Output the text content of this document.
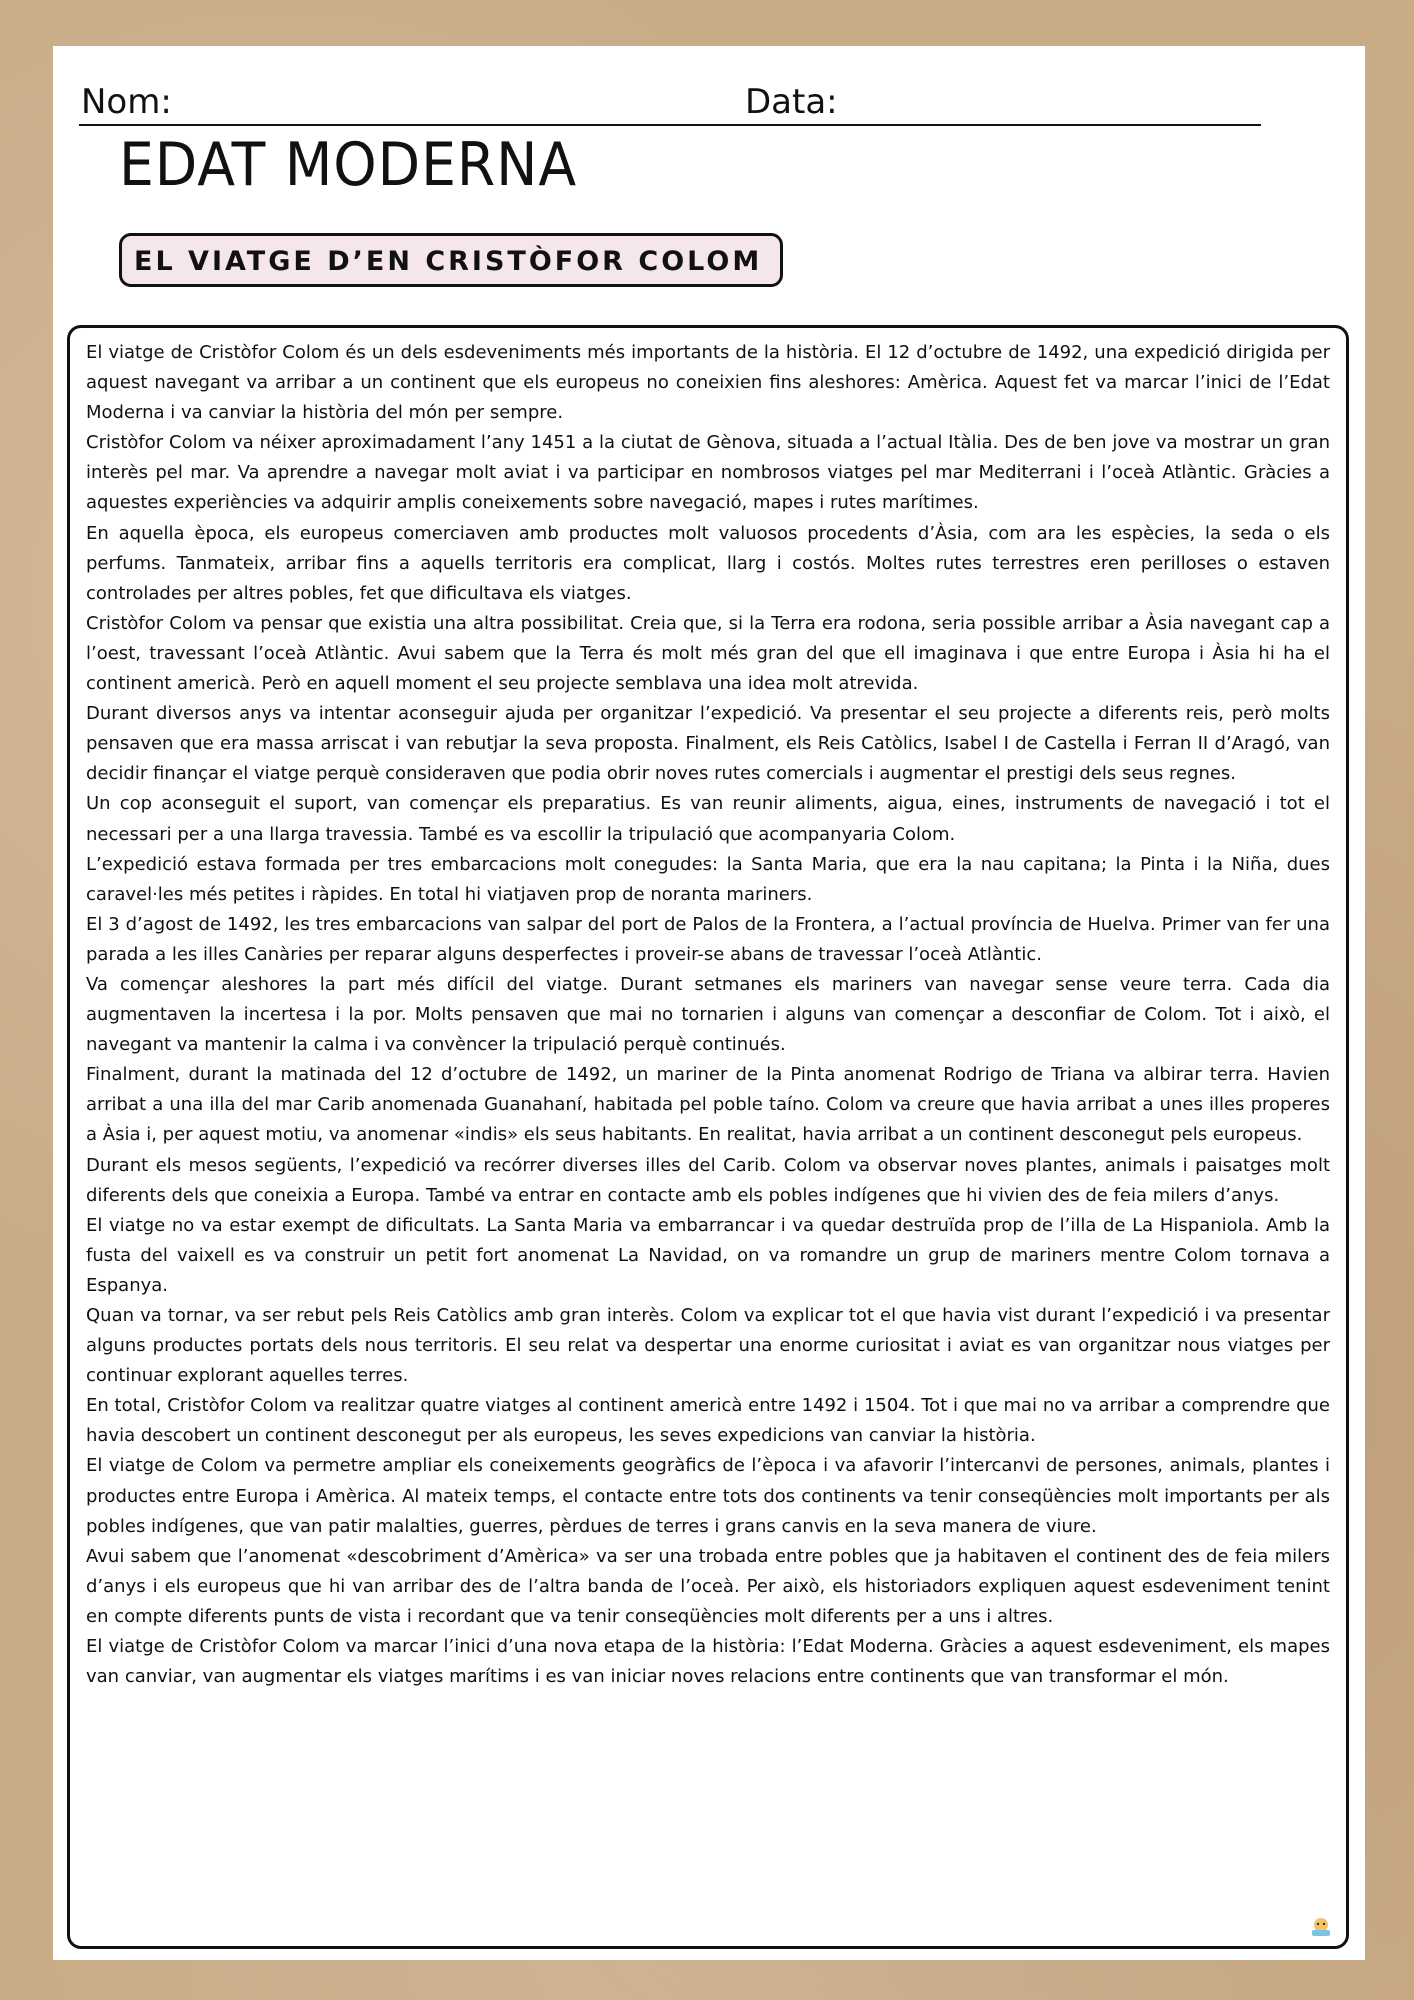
Nom:	Data:
EDAT MODERNA
EL VIATGE D’EN CRISTÒFOR COLOM

El viatge de Cristòfor Colom és un dels esdeveniments més importants de la història. El 12 d’octubre de 1492, una expedició dirigida per aquest navegant va arribar a un continent que els europeus no coneixien fins aleshores: Amèrica. Aquest fet va marcar l’inici de l’Edat Moderna i va canviar la història del món per sempre.

Cristòfor Colom va néixer aproximadament l’any 1451 a la ciutat de Gènova, situada a l’actual Itàlia. Des de ben jove va mostrar un gran interès pel mar. Va aprendre a navegar molt aviat i va participar en nombrosos viatges pel mar Mediterrani i l’oceà Atlàntic. Gràcies a aquestes experiències va adquirir amplis coneixements sobre navegació, mapes i rutes marítimes.

En aquella època, els europeus comerciaven amb productes molt valuosos procedents d’Àsia, com ara les espècies, la seda o els perfums. Tanmateix, arribar fins a aquells territoris era complicat, llarg i costós. Moltes rutes terrestres eren perilloses o estaven controlades per altres pobles, fet que dificultava els viatges.

Cristòfor Colom va pensar que existia una altra possibilitat. Creia que, si la Terra era rodona, seria possible arribar a Àsia navegant cap a l’oest, travessant l’oceà Atlàntic. Avui sabem que la Terra és molt més gran del que ell imaginava i que entre Europa i Àsia hi ha el continent americà. Però en aquell moment el seu projecte semblava una idea molt atrevida.

Durant diversos anys va intentar aconseguir ajuda per organitzar l’expedició. Va presentar el seu projecte a diferents reis, però molts pensaven que era massa arriscat i van rebutjar la seva proposta. Finalment, els Reis Catòlics, Isabel I de Castella i Ferran II d’Aragó, van decidir finançar el viatge perquè consideraven que podia obrir noves rutes comercials i augmentar el prestigi dels seus regnes.

Un cop aconseguit el suport, van començar els preparatius. Es van reunir aliments, aigua, eines, instruments de navegació i tot el necessari per a una llarga travessia. També es va escollir la tripulació que acompanyaria Colom.

L’expedició estava formada per tres embarcacions molt conegudes: la Santa Maria, que era la nau capitana; la Pinta i la Niña, dues caravel·les més petites i ràpides. En total hi viatjaven prop de noranta mariners.

El 3 d’agost de 1492, les tres embarcacions van salpar del port de Palos de la Frontera, a l’actual província de Huelva. Primer van fer una parada a les illes Canàries per reparar alguns desperfectes i proveir-se abans de travessar l’oceà Atlàntic.

Va començar aleshores la part més difícil del viatge. Durant setmanes els mariners van navegar sense veure terra. Cada dia augmentaven la incertesa i la por. Molts pensaven que mai no tornarien i alguns van començar a desconfiar de Colom. Tot i això, el navegant va mantenir la calma i va convèncer la tripulació perquè continués.

Finalment, durant la matinada del 12 d’octubre de 1492, un mariner de la Pinta anomenat Rodrigo de Triana va albirar terra. Havien arribat a una illa del mar Carib anomenada Guanahaní, habitada pel poble taíno. Colom va creure que havia arribat a unes illes properes a Àsia i, per aquest motiu, va anomenar «indis» els seus habitants. En realitat, havia arribat a un continent desconegut pels europeus.

Durant els mesos següents, l’expedició va recórrer diverses illes del Carib. Colom va observar noves plantes, animals i paisatges molt diferents dels que coneixia a Europa. També va entrar en contacte amb els pobles indígenes que hi vivien des de feia milers d’anys.

El viatge no va estar exempt de dificultats. La Santa Maria va embarrancar i va quedar destruïda prop de l’illa de La Hispaniola. Amb la fusta del vaixell es va construir un petit fort anomenat La Navidad, on va romandre un grup de mariners mentre Colom tornava a Espanya.

Quan va tornar, va ser rebut pels Reis Catòlics amb gran interès. Colom va explicar tot el que havia vist durant l’expedició i va presentar alguns productes portats dels nous territoris. El seu relat va despertar una enorme curiositat i aviat es van organitzar nous viatges per continuar explorant aquelles terres.

En total, Cristòfor Colom va realitzar quatre viatges al continent americà entre 1492 i 1504. Tot i que mai no va arribar a comprendre que havia descobert un continent desconegut per als europeus, les seves expedicions van canviar la història.

El viatge de Colom va permetre ampliar els coneixements geogràfics de l’època i va afavorir l’intercanvi de persones, animals, plantes i productes entre Europa i Amèrica. Al mateix temps, el contacte entre tots dos continents va tenir conseqüències molt importants per als pobles indígenes, que van patir malalties, guerres, pèrdues de terres i grans canvis en la seva manera de viure.

Avui sabem que l’anomenat «descobriment d’Amèrica» va ser una trobada entre pobles que ja habitaven el continent des de feia milers d’anys i els europeus que hi van arribar des de l’altra banda de l’oceà. Per això, els historiadors expliquen aquest esdeveniment tenint en compte diferents punts de vista i recordant que va tenir conseqüències molt diferents per a uns i altres.

El viatge de Cristòfor Colom va marcar l’inici d’una nova etapa de la història: l’Edat Moderna. Gràcies a aquest esdeveniment, els mapes van canviar, van augmentar els viatges marítims i es van iniciar noves relacions entre continents que van transformar el món.
